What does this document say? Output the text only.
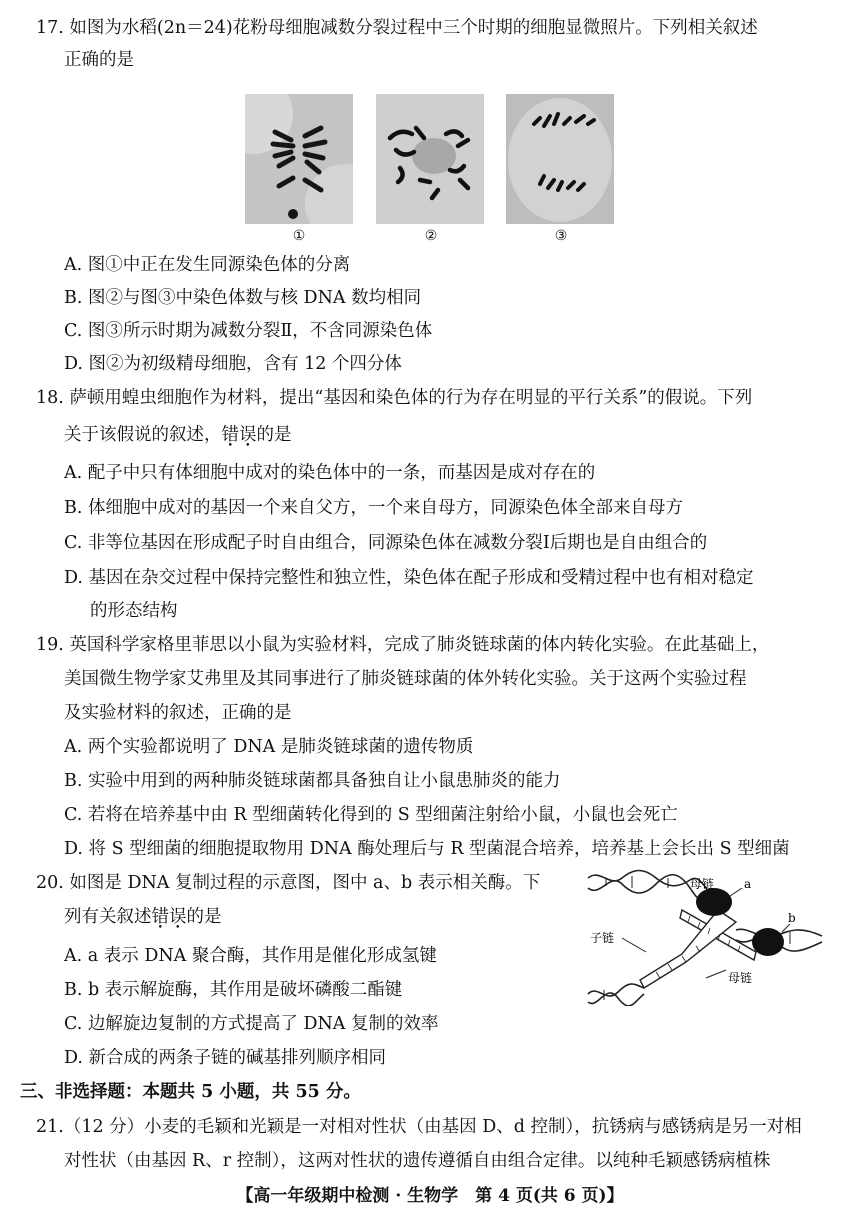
17. 如图为水稻(2n＝24)花粉母细胞减数分裂过程中三个时期的细胞显微照片。下列相关叙述
正确的是
①	②	③
A. 图①中正在发生同源染色体的分离
B. 图②与图③中染色体数与核 DNA 数均相同
C. 图③所示时期为减数分裂Ⅱ，不含同源染色体
D. 图②为初级精母细胞，含有 12 个四分体
18. 萨顿用蝗虫细胞作为材料，提出“基因和染色体的行为存在明显的平行关系”的假说。下列
关于该假说的叙述，错误的是
A. 配子中只有体细胞中成对的染色体中的一条，而基因是成对存在的
B. 体细胞中成对的基因一个来自父方，一个来自母方，同源染色体全部来自母方
C. 非等位基因在形成配子时自由组合，同源染色体在减数分裂Ⅰ后期也是自由组合的
D. 基因在杂交过程中保持完整性和独立性，染色体在配子形成和受精过程中也有相对稳定
的形态结构
19. 英国科学家格里菲思以小鼠为实验材料，完成了肺炎链球菌的体内转化实验。在此基础上，
美国微生物学家艾弗里及其同事进行了肺炎链球菌的体外转化实验。关于这两个实验过程
及实验材料的叙述，正确的是
A. 两个实验都说明了 DNA 是肺炎链球菌的遗传物质
B. 实验中用到的两种肺炎链球菌都具备独自让小鼠患肺炎的能力
C. 若将在培养基中由 R 型细菌转化得到的 S 型细菌注射给小鼠，小鼠也会死亡
D. 将 S 型细菌的细胞提取物用 DNA 酶处理后与 R 型菌混合培养，培养基上会长出 S 型细菌
20. 如图是 DNA 复制过程的示意图，图中 a、b 表示相关酶。下
列有关叙述错误的是
A. a 表示 DNA 聚合酶，其作用是催化形成氢键
B. b 表示解旋酶，其作用是破坏磷酸二酯键
C. 边解旋边复制的方式提高了 DNA 复制的效率
D. 新合成的两条子链的碱基排列顺序相同
母链 a
b
子链
母链
三、非选择题：本题共 5 小题，共 55 分。
21.（12 分）小麦的毛颖和光颖是一对相对性状（由基因 D、d 控制），抗锈病与感锈病是另一对相
对性状（由基因 R、r 控制），这两对性状的遗传遵循自由组合定律。以纯种毛颖感锈病植株
【高一年级期中检测 · 生物学　第 4 页(共 6 页)】
